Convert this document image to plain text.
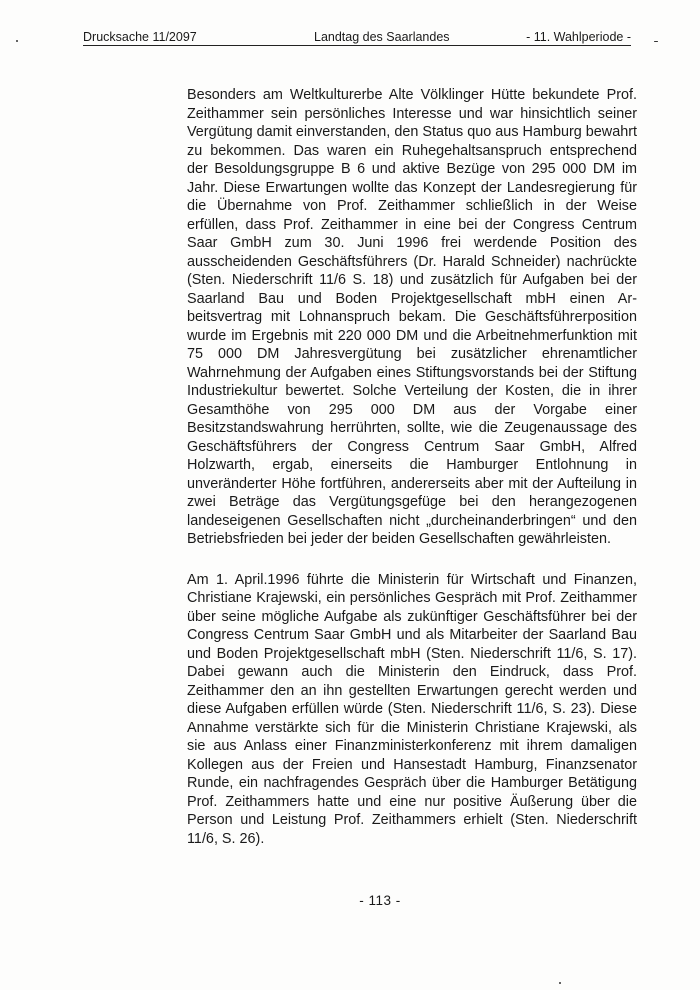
Drucksache 11/2097	Landtag des Saarlandes	- 11. Wahlperiode -

Besonders am Weltkulturerbe Alte Völklinger Hütte bekundete Prof. Zeithammer sein persönliches Interesse und war hinsichtlich seiner Vergütung damit einverstanden, den Status quo aus Hamburg bewahrt zu bekommen. Das waren ein Ruhegehaltsanspruch entsprechend der Besoldungsgruppe B 6 und aktive Bezüge von 295 000 DM im Jahr. Diese Erwartungen wollte das Konzept der Landesregierung für die Übernahme von Prof. Zeithammer schließlich in der Weise erfüllen, dass Prof. Zeithammer in eine bei der Congress Centrum Saar GmbH zum 30. Juni 1996 frei werdende Position des ausscheidenden Geschäftsführers (Dr. Harald Schneider) nachrückte (Sten. Niederschrift 11/6 S. 18) und zusätzlich für Aufgaben bei der Saarland Bau und Boden Projektgesellschaft mbH einen Arbeitsvertrag mit Lohnanspruch bekam. Die Geschäftsführerposition wurde im Ergebnis mit 220 000 DM und die Arbeitnehmerfunktion mit 75 000 DM Jahresvergütung bei zusätzlicher ehrenamtlicher Wahrnehmung der Aufgaben eines Stiftungsvorstands bei der Stiftung Industriekultur bewertet. Solche Verteilung der Kosten, die in ihrer Gesamthöhe von 295 000 DM aus der Vorgabe einer Besitzstandswahrung herrührten, sollte, wie die Zeugenaussage des Geschäftsführers der Congress Centrum Saar GmbH, Alfred Holzwarth, ergab, einerseits die Hamburger Entlohnung in unveränderter Höhe fortführen, andererseits aber mit der Aufteilung in zwei Beträge das Vergütungsgefüge bei den herangezogenen landeseigenen Gesellschaften nicht „durcheinanderbringen“ und den Betriebsfrieden bei jeder der beiden Gesellschaften gewährleisten.

Am 1. April.1996 führte die Ministerin für Wirtschaft und Finanzen, Christiane Krajewski, ein persönliches Gespräch mit Prof. Zeithammer über seine mögliche Aufgabe als zukünftiger Geschäftsführer bei der Congress Centrum Saar GmbH und als Mitarbeiter der Saarland Bau und Boden Projektgesellschaft mbH (Sten. Niederschrift 11/6, S. 17). Dabei gewann auch die Ministerin den Eindruck, dass Prof. Zeithammer den an ihn gestellten Erwartungen gerecht werden und diese Aufgaben erfüllen würde (Sten. Niederschrift 11/6, S. 23). Diese Annahme verstärkte sich für die Ministerin Christiane Krajewski, als sie aus Anlass einer Finanzministerkonferenz mit ihrem damaligen Kollegen aus der Freien und Hansestadt Hamburg, Finanzsenator Runde, ein nachfragendes Gespräch über die Hamburger Betätigung Prof. Zeithammers hatte und eine nur positive Äußerung über die Person und Leistung Prof. Zeithammers erhielt (Sten. Niederschrift 11/6, S. 26).

- 113 -
